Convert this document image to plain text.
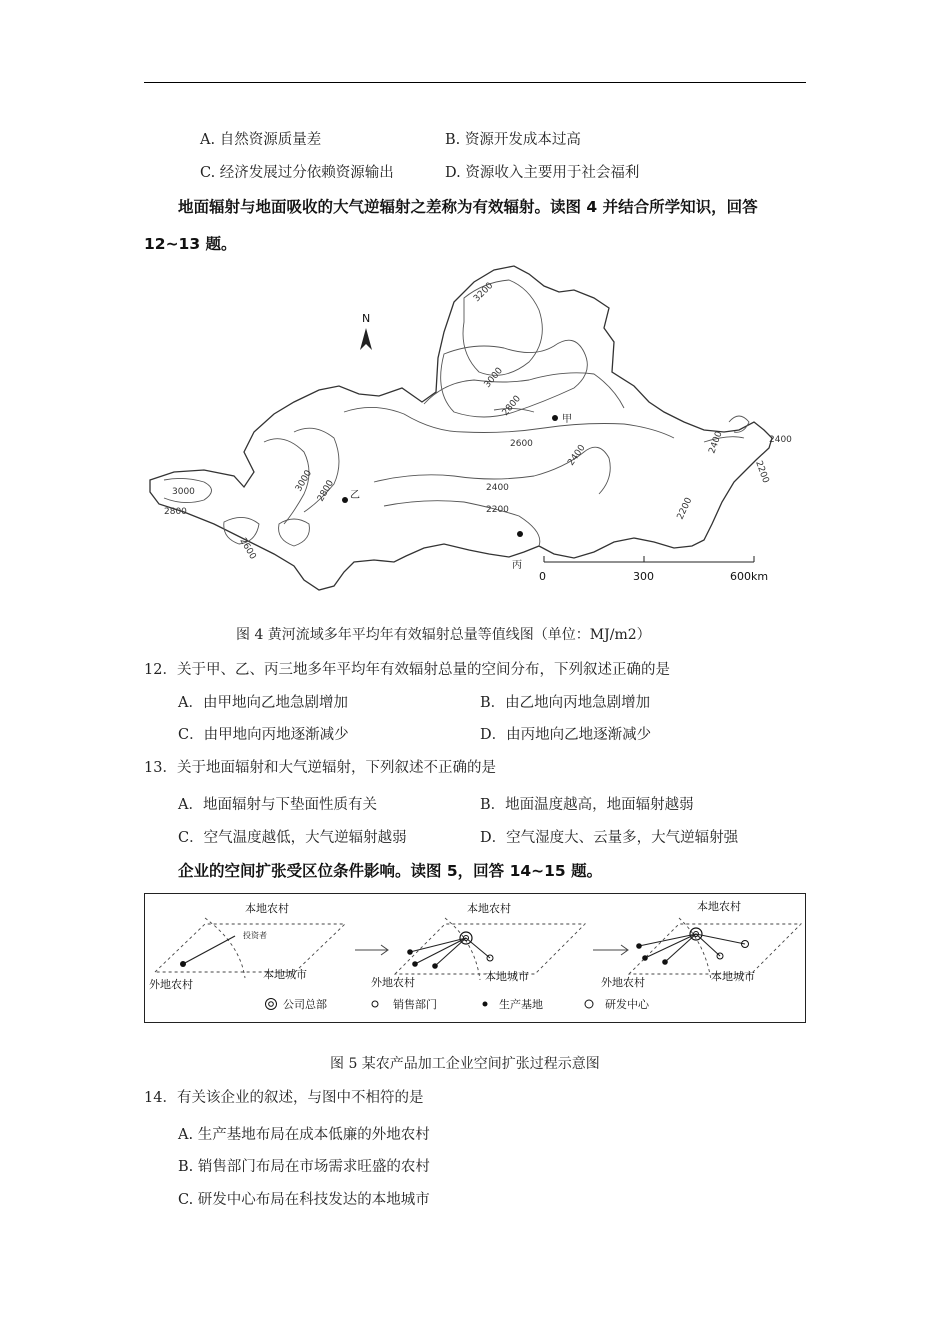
A. 自然资源质量差	B. 资源开发成本过高
C. 经济发展过分依赖资源输出	D. 资源收入主要用于社会福利
地面辐射与地面吸收的大气逆辐射之差称为有效辐射。读图 4 并结合所学知识，回答
12~13 题。
N
3200
3000
2800
2600
2400
2200
3000 2800
3000
2800
2600
2400
2200
2400
2200
2400
甲
乙
丙
0	300	600km
图 4 黄河流域多年平均年有效辐射总量等值线图（单位：MJ/m2）
12．关于甲、乙、丙三地多年平均年有效辐射总量的空间分布，下列叙述正确的是
A．由甲地向乙地急剧增加	B．由乙地向丙地急剧增加
C．由甲地向丙地逐渐减少	D．由丙地向乙地逐渐减少
13．关于地面辐射和大气逆辐射，下列叙述不正确的是
A．地面辐射与下垫面性质有关	B．地面温度越高，地面辐射越弱
C．空气温度越低，大气逆辐射越弱	D．空气湿度大、云量多，大气逆辐射强
企业的空间扩张受区位条件影响。读图 5，回答 14~15 题。
本地农村
投资者
外地农村
本地城市
本地农村
外地农村	本地城市
本地农村
外地农村	本地城市
公司总部	销售部门	生产基地	研发中心
图 5 某农产品加工企业空间扩张过程示意图
14．有关该企业的叙述，与图中不相符的是
A. 生产基地布局在成本低廉的外地农村
B. 销售部门布局在市场需求旺盛的农村
C. 研发中心布局在科技发达的本地城市
